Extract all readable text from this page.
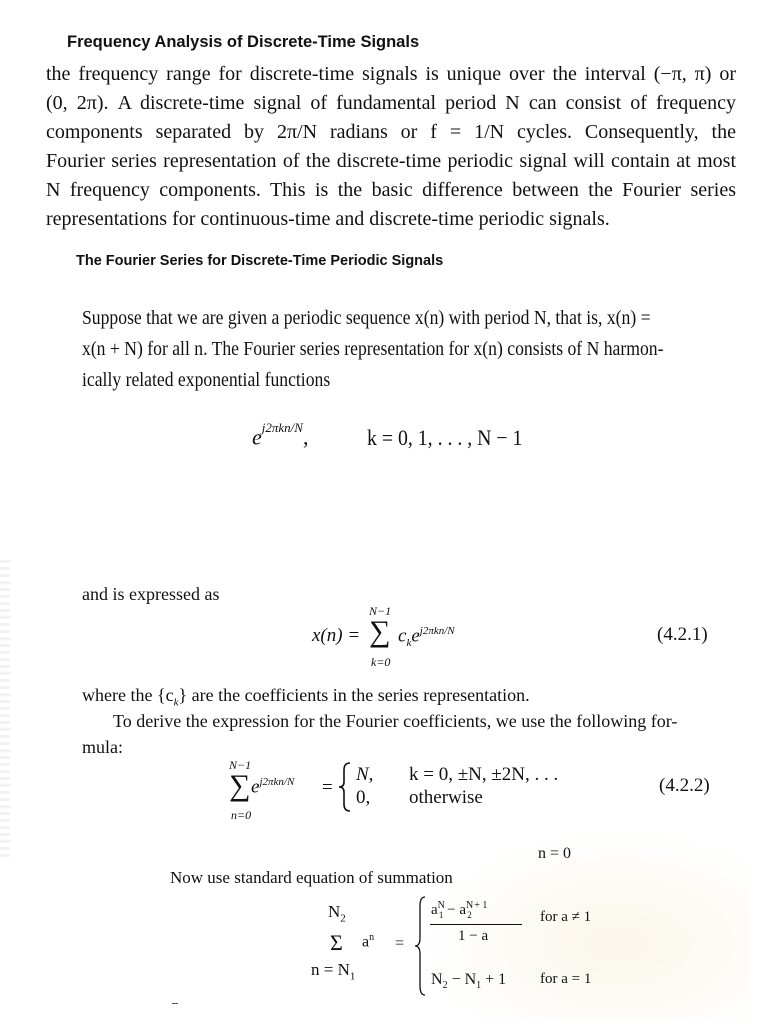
Frequency Analysis of Discrete-Time Signals
the frequency range for discrete-time signals is unique over the interval (−π, π) or
(0, 2π). A discrete-time signal of fundamental period N can consist of frequency
components separated by 2π/N radians or f = 1/N cycles. Consequently, the
Fourier series representation of the discrete-time periodic signal will contain at most
N frequency components. This is the basic difference between the Fourier series
representations for continuous-time and discrete-time periodic signals.
The Fourier Series for Discrete-Time Periodic Signals
Suppose that we are given a periodic sequence x(n) with period N, that is, x(n) =
x(n + N) for all n. The Fourier series representation for x(n) consists of N harmon-
ically related exponential functions
$e^{j2\pi kn/N}$,	k = 0, 1, . . . , N − 1
and is expressed as
x(n) =
N−1
∑
k=0
$c_ke^{j2\pi kn/N}$	(4.2.1)
where the $\{c_k\}$ are the coefficients in the series representation.
To derive the expression for the Fourier coefficients, we use the following for-
mula:
N−1
∑
n=0
$e^{j2\pi kn/N}$ =
N, k = 0, ±N, ±2N, . . .
0, otherwise
(4.2.2)
n = 0
Now use standard equation of summation
$N_2$
Σ $a^n$ =
$n = N_1$
$a^N_1 - a^N_2$ $^{+ 1}$
1 − a
for a ≠ 1
$N_2 - N_1 + 1$ for a = 1
